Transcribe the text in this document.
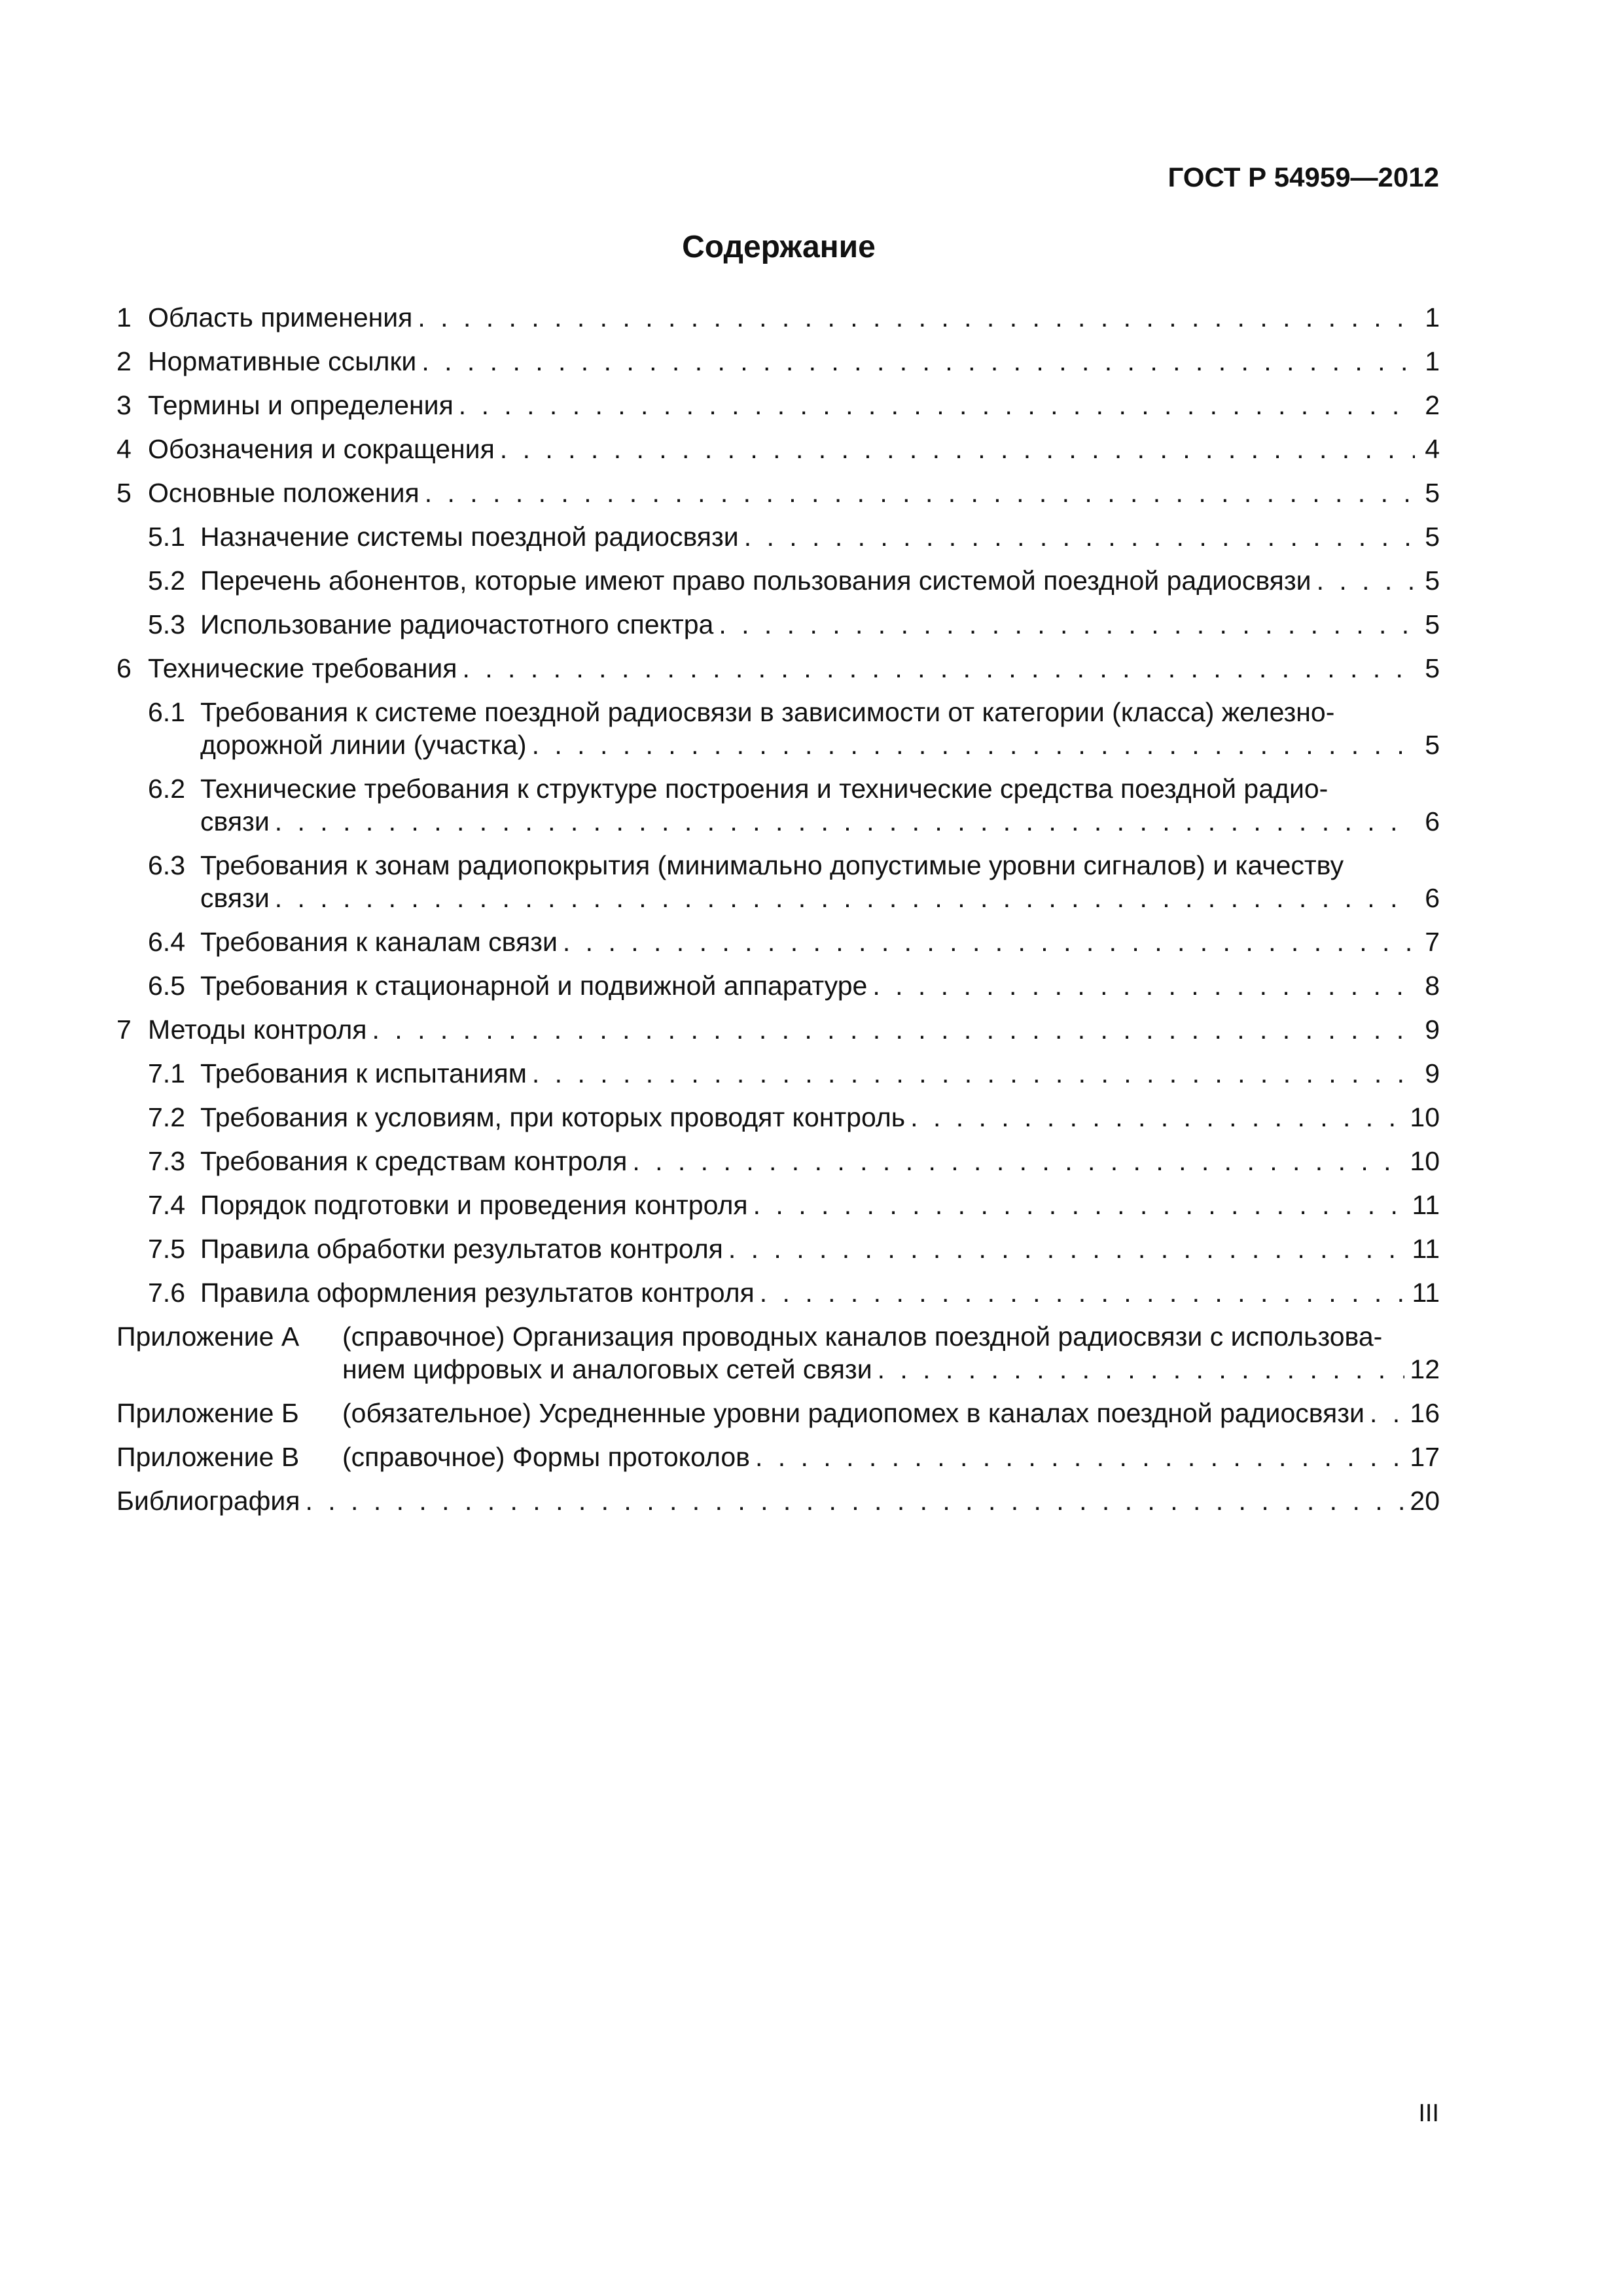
ГОСТ Р 54959—2012
Содержание
1 Область применения . . .	1
2 Нормативные ссылки . . .	1
3 Термины и определения . . .	2
4 Обозначения и сокращения . . .	4
5 Основные положения . . .	5
5.1 Назначение системы поездной радиосвязи . . .	5
5.2 Перечень абонентов, которые имеют право пользования системой поездной радиосвязи . . .	5
5.3 Использование радиочастотного спектра . . .	5
6 Технические требования . . .	5
6.1 Требования к системе поездной радиосвязи в зависимости от категории (класса) железно-
дорожной линии (участка) . . .	5
6.2 Технические требования к структуре построения и технические средства поездной радио-
связи . . .	6
6.3 Требования к зонам радиопокрытия (минимально допустимые уровни сигналов) и качеству
связи . . .	6
6.4 Требования к каналам связи . . .	7
6.5 Требования к стационарной и подвижной аппаратуре . . .	8
7 Методы контроля . . .	9
7.1 Требования к испытаниям . . .	9
7.2 Требования к условиям, при которых проводят контроль . . .	10
7.3 Требования к средствам контроля . . .	10
7.4 Порядок подготовки и проведения контроля . . .	11
7.5 Правила обработки результатов контроля . . .	11
7.6 Правила оформления результатов контроля . . .	11
Приложение А	(справочное) Организация проводных каналов поездной радиосвязи с использова-
нием цифровых и аналоговых сетей связи . . .	12
Приложение Б	(обязательное) Усредненные уровни радиопомех в каналах поездной радиосвязи . . . 16
Приложение В	(справочное) Формы протоколов . . .	17
Библиография . . .	20
III
